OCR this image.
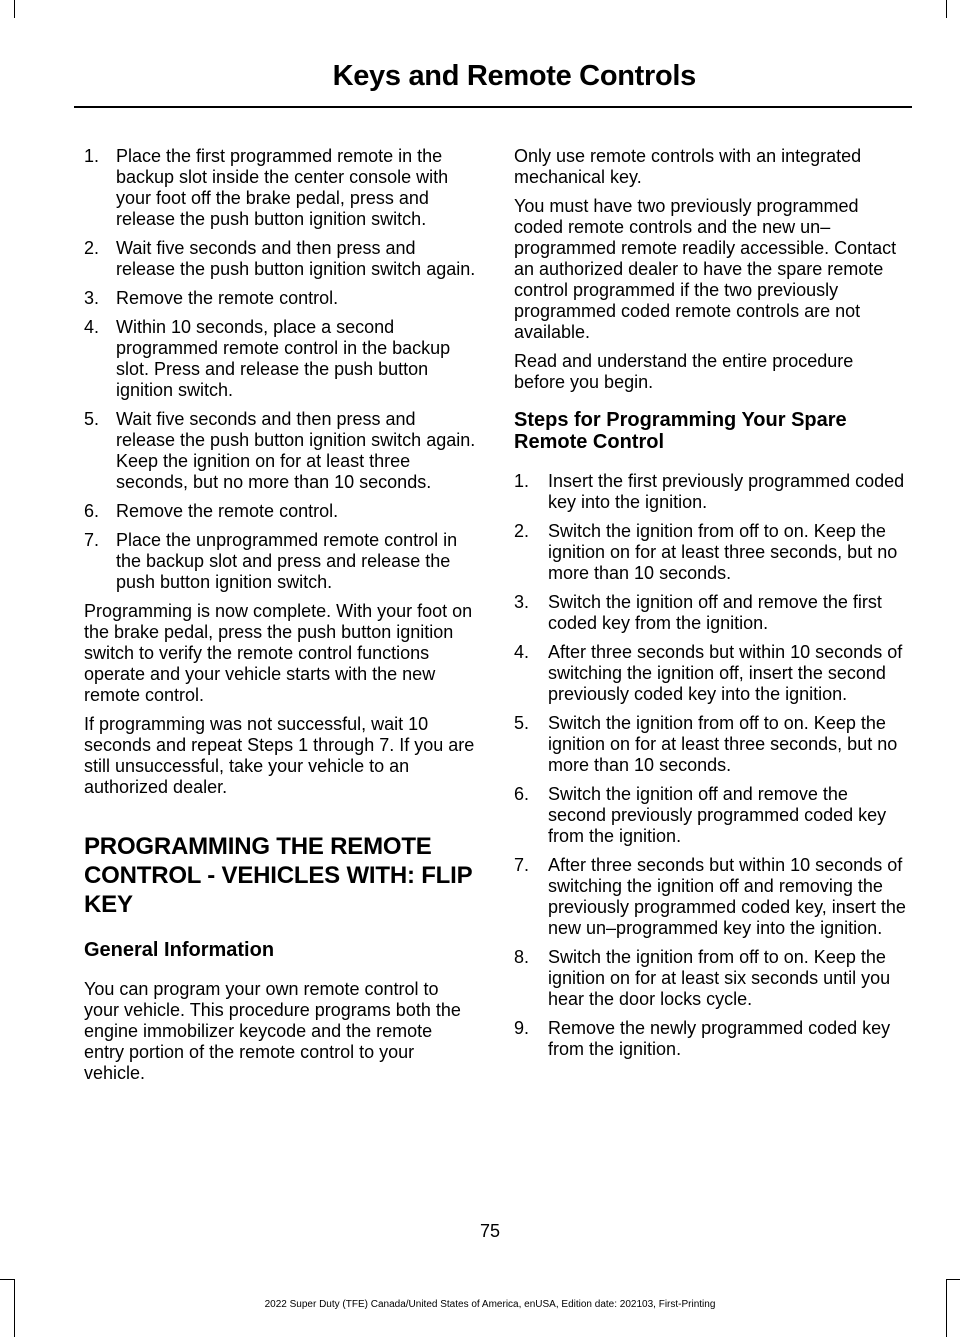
Keys and Remote Controls
1. Place the first programmed remote in the backup slot inside the center console with your foot off the brake pedal, press and release the push button ignition switch.
2. Wait five seconds and then press and release the push button ignition switch again.
3. Remove the remote control.
4. Within 10 seconds, place a second programmed remote control in the backup slot. Press and release the push button ignition switch.
5. Wait five seconds and then press and release the push button ignition switch again. Keep the ignition on for at least three seconds, but no more than 10 seconds.
6. Remove the remote control.
7. Place the unprogrammed remote control in the backup slot and press and release the push button ignition switch.

Programming is now complete. With your foot on the brake pedal, press the push button ignition switch to verify the remote control functions operate and your vehicle starts with the new remote control.

If programming was not successful, wait 10 seconds and repeat Steps 1 through 7. If you are still unsuccessful, take your vehicle to an authorized dealer.

PROGRAMMING THE REMOTE CONTROL - VEHICLES WITH: FLIP KEY
General Information

You can program your own remote control to your vehicle. This procedure programs both the engine immobilizer keycode and the remote entry portion of the remote control to your vehicle.

Only use remote controls with an integrated mechanical key.

You must have two previously programmed coded remote controls and the new un–programmed remote readily accessible. Contact an authorized dealer to have the spare remote control programmed if the two previously programmed coded remote controls are not available.

Read and understand the entire procedure before you begin.

Steps for Programming Your Spare Remote Control
1. Insert the first previously programmed coded key into the ignition.
2. Switch the ignition from off to on. Keep the ignition on for at least three seconds, but no more than 10 seconds.
3. Switch the ignition off and remove the first coded key from the ignition.
4. After three seconds but within 10 seconds of switching the ignition off, insert the second previously coded key into the ignition.
5. Switch the ignition from off to on. Keep the ignition on for at least three seconds, but no more than 10 seconds.
6. Switch the ignition off and remove the second previously programmed coded key from the ignition.
7. After three seconds but within 10 seconds of switching the ignition off and removing the previously programmed coded key, insert the new un–programmed key into the ignition.
8. Switch the ignition from off to on. Keep the ignition on for at least six seconds until you hear the door locks cycle.
9. Remove the newly programmed coded key from the ignition.
75
2022 Super Duty (TFE) Canada/United States of America, enUSA, Edition date: 202103, First-Printing
